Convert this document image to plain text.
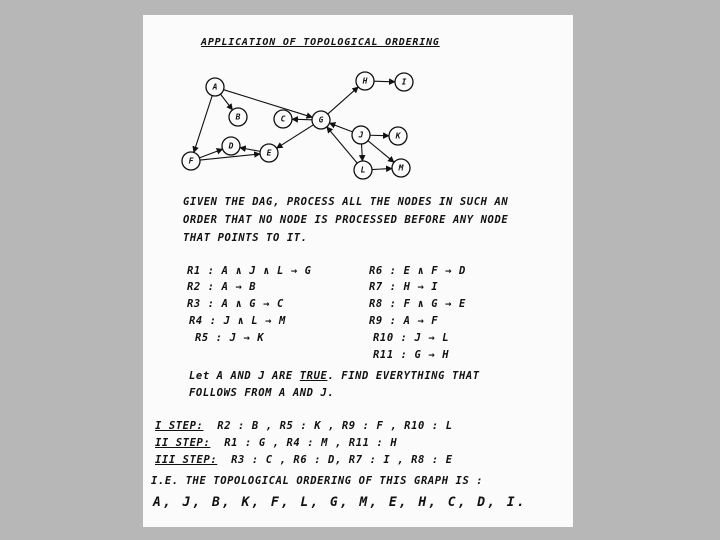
APPLICATION OF TOPOLOGICAL ORDERING
A
B	C	G
H	I
J	K
L	M
F
D
E
GIVEN THE DAG, PROCESS ALL THE NODES IN SUCH AN
ORDER THAT NO NODE IS PROCESSED BEFORE ANY NODE
THAT POINTS TO IT.
R1 : A ∧ J ∧ L → G
R2 : A → B
R3 : A ∧ G → C
R4 : J ∧ L → M
R5 : J → K
R6 : E ∧ F → D
R7 : H → I
R8 : F ∧ G → E
R9 : A → F
R10 : J → L
R11 : G → H
Let A AND J ARE TRUE. FIND EVERYTHING THAT
FOLLOWS FROM A AND J.
I STEP: R2 : B , R5 : K , R9 : F , R10 : L
II STEP: R1 : G , R4 : M , R11 : H
III STEP: R3 : C , R6 : D, R7 : I , R8 : E
I.E. THE TOPOLOGICAL ORDERING OF THIS GRAPH IS :
A, J, B, K, F, L, G, M, E, H, C, D, I.
